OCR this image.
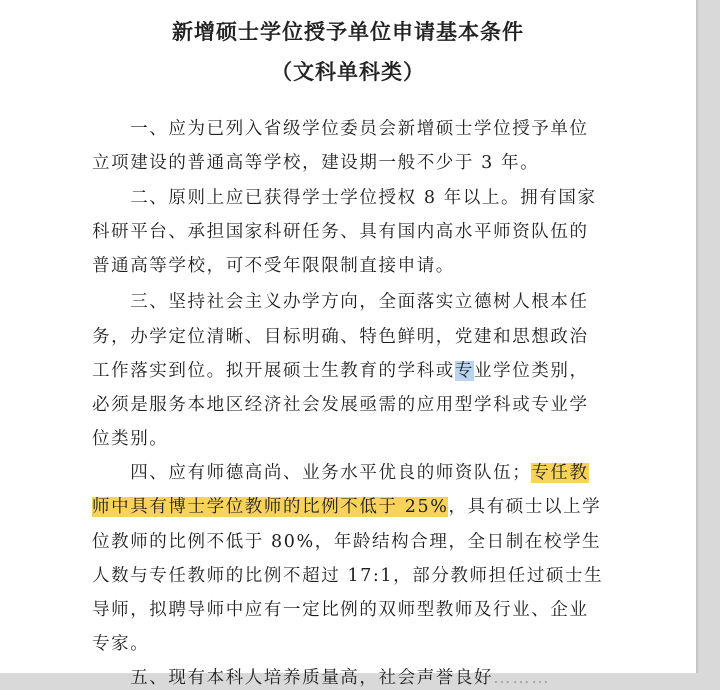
新增硕士学位授予单位申请基本条件
（文科单科类）
　　一、应为已列入省级学位委员会新增硕士学位授予单位
立项建设的普通高等学校，建设期一般不少于 3 年。
　　二、原则上应已获得学士学位授权 8 年以上。拥有国家
科研平台、承担国家科研任务、具有国内高水平师资队伍的
普通高等学校，可不受年限限制直接申请。
　　三、坚持社会主义办学方向，全面落实立德树人根本任
务，办学定位清晰、目标明确、特色鲜明，党建和思想政治
工作落实到位。拟开展硕士生教育的学科或专业学位类别，
必须是服务本地区经济社会发展亟需的应用型学科或专业学
位类别。
　　四、应有师德高尚、业务水平优良的师资队伍；专任教
师中具有博士学位教师的比例不低于 25%，具有硕士以上学
位教师的比例不低于 80%，年龄结构合理，全日制在校学生
人数与专任教师的比例不超过 17:1，部分教师担任过硕士生
导师，拟聘导师中应有一定比例的双师型教师及行业、企业
专家。
　　五、现有本科人培养质量高，社会声誉良好………
